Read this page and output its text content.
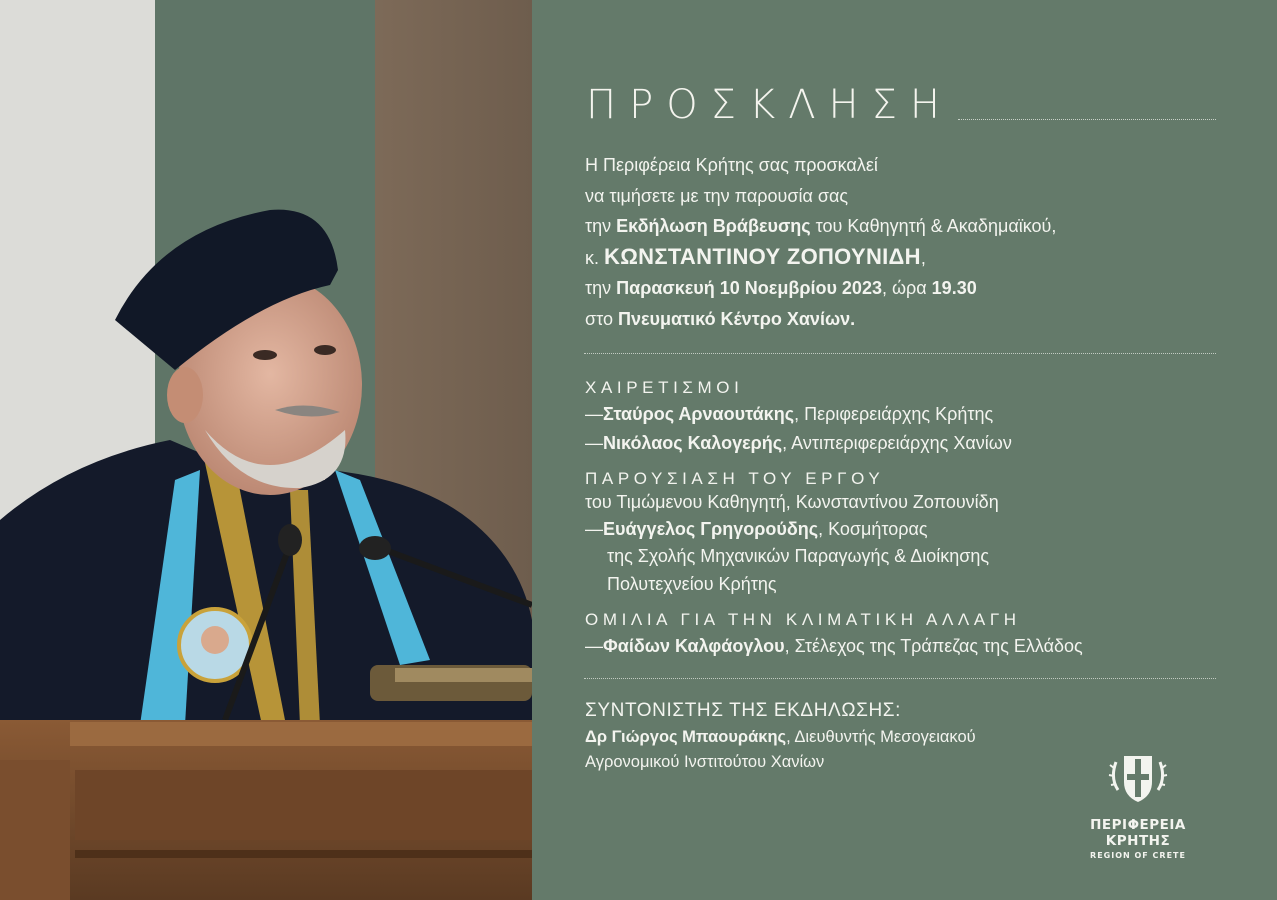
ΠΡΟΣΚΛΗΣΗ
Η Περιφέρεια Κρήτης σας προσκαλεί
να τιμήσετε με την παρουσία σας
την Εκδήλωση Βράβευσης του Καθηγητή & Ακαδημαϊκού,
κ. ΚΩΝΣΤΑΝΤΙΝΟΥ ΖΟΠΟΥΝΙΔΗ,
την Παρασκευή 10 Νοεμβρίου 2023, ώρα 19.30
στο Πνευματικό Κέντρο Χανίων.
ΧΑΙΡΕΤΙΣΜΟΙ
—Σταύρος Αρναουτάκης, Περιφερειάρχης Κρήτης
—Νικόλαος Καλογερής, Αντιπεριφερειάρχης Χανίων
ΠΑΡΟΥΣΙΑΣΗ ΤΟΥ ΕΡΓΟΥ
του Τιμώμενου Καθηγητή, Κωνσταντίνου Ζοπουνίδη
—Ευάγγελος Γρηγορούδης, Κοσμήτορας
της Σχολής Μηχανικών Παραγωγής & Διοίκησης
Πολυτεχνείου Κρήτης
ΟΜΙΛΙΑ ΓΙΑ ΤΗΝ ΚΛΙΜΑΤΙΚΗ ΑΛΛΑΓΗ
—Φαίδων Καλφάογλου, Στέλεχος της Τράπεζας της Ελλάδος
ΣΥΝΤΟΝΙΣΤΗΣ ΤΗΣ ΕΚΔΗΛΩΣΗΣ:
Δρ Γιώργος Μπαουράκης, Διευθυντής Μεσογειακού
Αγρονομικού Ινστιτούτου Χανίων
ΠΕΡΙΦΕΡΕΙΑ ΚΡΗΤΗΣ
REGION OF CRETE
